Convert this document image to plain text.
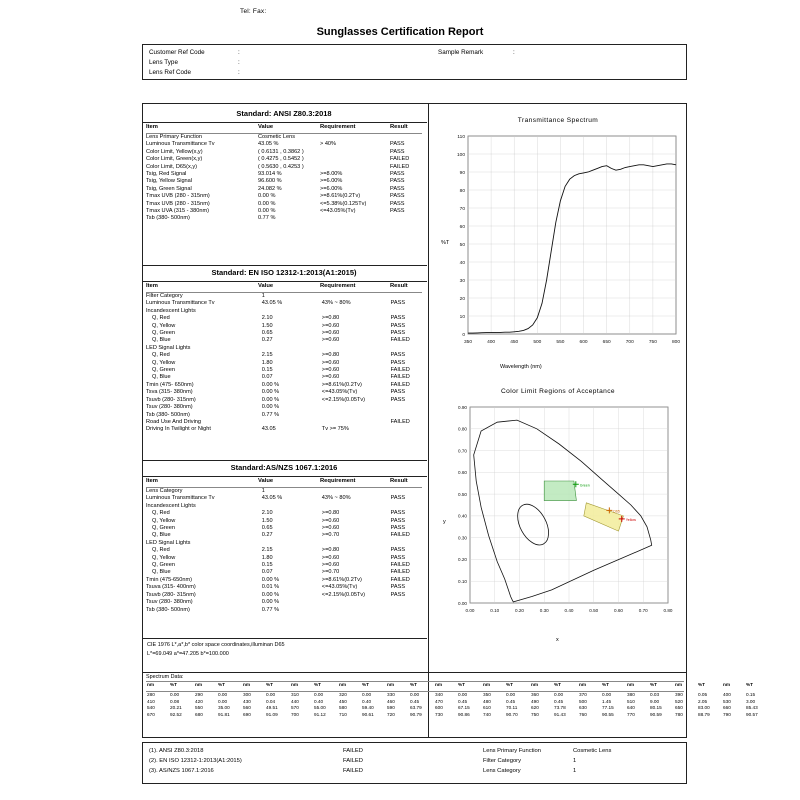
Tel: Fax:
Sunglasses Certification Report
Customer Ref Code	:
Lens Type	:
Lens Ref Code	:
Sample Remark	:
Standard: ANSI Z80.3:2018
Item	Value	Requirement	Result
Lens Primary Function	Cosmetic Lens		
Luminous Transmittance Tv	43.05 %	> 40%	PASS
Color Limit, Yellow(x,y)	( 0.6131 , 0.3862 )		PASS
Color Limit, Green(x,y)	( 0.4275 , 0.5452 )		FAILED
Color Limit, D65(x,y)	( 0.5630 , 0.4253 )		FAILED
Tsig, Red Signal	93.014 %	>=8.00%	PASS
Tsig, Yellow Signal	96.600 %	>=6.00%	PASS
Tsig, Green Signal	24.082 %	>=6.00%	PASS
Tmax UVB (280 - 315nm)	0.00 %	>=8.61%(0.2Tv)	PASS
Tmax UVB (280 - 315nm)	0.00 %	<=5.38%(0.125Tv)	PASS
Tmax UVA (315 - 380nm)	0.00 %	<=43.05%(Tv)	PASS
Tsb (380- 500nm)	0.77 %		
Standard: EN ISO 12312-1:2013(A1:2015)
Item	Value	Requirement	Result
Filter Category	1		
Luminous Transmittance Tv	43.05 %	43% ~ 80%	PASS
Incandescent Lights			
Q, Red	2.10	>=0.80	PASS
Q, Yellow	1.50	>=0.60	PASS
Q, Green	0.65	>=0.60	PASS
Q, Blue	0.27	>=0.60	FAILED
LED Signal Lights			
Q, Red	2.15	>=0.80	PASS
Q, Yellow	1.80	>=0.60	PASS
Q, Green	0.15	>=0.60	FAILED
Q, Blue	0.07	>=0.60	FAILED
Tmin (475- 650nm)	0.00 %	>=8.61%(0.2Tv)	FAILED
Tsva (315- 380nm)	0.00 %	<=43.05%(Tv)	PASS
Tsuvb (280- 315nm)	0.00 %	<=2.15%(0.05Tv)	PASS
Tsuv (280- 380nm)	0.00 %		
Tsb (380- 500nm)	0.77 %		
Road Use And Driving			FAILED
Driving In Twilight or Night	43.05	Tv >= 75%	
Standard:AS/NZS 1067.1:2016
Item	Value	Requirement	Result
Lens Category	1		
Luminous Transmittance Tv	43.05 %	43% ~ 80%	PASS
Incandescent Lights			
Q, Red	2.10	>=0.80	PASS
Q, Yellow	1.50	>=0.60	PASS
Q, Green	0.65	>=0.60	PASS
Q, Blue	0.27	>=0.70	FAILED
LED Signal Lights			
Q, Red	2.15	>=0.80	PASS
Q, Yellow	1.80	>=0.60	PASS
Q, Green	0.15	>=0.60	FAILED
Q, Blue	0.07	>=0.70	FAILED
Tmin (475-650nm)	0.00 %	>=8.61%(0.2Tv)	FAILED
Tsuva (315- 400nm)	0.01 %	<=43.05%(Tv)	PASS
Tsuvb (280- 315nm)	0.00 %	<=2.15%(0.05Tv)	PASS
Tsuv (280- 380nm)	0.00 %		
Tsb (380- 500nm)	0.77 %		
CIE 1976 L*,a*,b* color space coordinates,illuminan D65
L*=69.049 a*=47.205 b*=100.000
Transmittance Spectrum
350	400	450	500	550	600	650	700	750	800
0
10
20
30
40
50
60
70
80
90
100
110
Wavelength (nm)
%T
Color Limit Regions of Acceptance
0.00	0.10	0.20	0.30	0.40	0.50	0.60	0.70	0.80
0.00
0.10
0.20
0.30
0.40
0.50
0.60
0.70
0.80
0.90
Yellow
Green
D65
x
y
Spectrum Data:
nm	%T	nm	%T	nm	%T	nm	%T	nm	%T	nm	%T	nm	%T	nm	%T	nm	%T	nm	%T	nm	%T	nm	%T	nm	%T
280	0.00	290	0.00	300	0.00	310	0.00	320	0.00	330	0.00	340	0.00	350	0.00	360	0.00	370	0.00	380	0.03	390	0.05	400	0.15
410	0.08	420	0.00	430	0.04	440	0.40	450	0.40	460	0.45	470	0.45	480	0.45	490	0.45	500	1.45	510	9.00	520	2.05	530	3.00
540	20.21	550	35.00	560	49.51	570	55.00	580	59.40	590	63.79	600	67.15	610	70.11	620	73.78	630	77.15	640	80.15	650	83.00	660	85.43
670	92.52	680	91.81	690	91.09	700	91.12	710	90.61	720	90.79	730	90.86	740	90.70	750	91.43	760	90.55	770	90.59	780	88.79	790	90.57
(1). ANSI Z80.3:2018	FAILED
(2). EN ISO 12312-1:2013(A1:2015)	FAILED
(3). AS/NZS 1067.1:2016	FAILED
Lens Primary Function	Cosmetic Lens
Filter Category	1
Lens Category	1
